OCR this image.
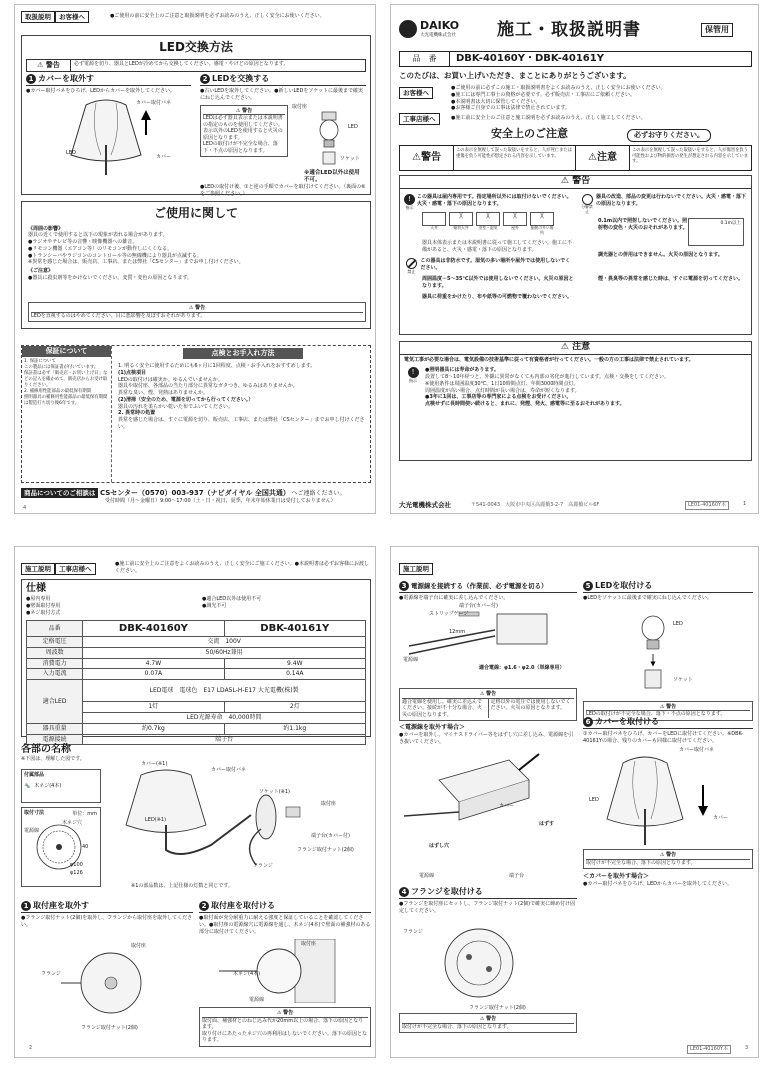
取扱説明 お客様へ	●ご使用の前に安全上のご注意と取扱説明を必ずお読みのうえ、正しく安全にお使いください。
LED交換方法
⚠ 警告	必ず電源を切り、器具とLEDが冷めてから交換してください。感電・やけどの原因となります。
1 カバーを取外す
●カバー取付バネをひろげ、LEDからカバーを取外してください。
カバー取付バネ
LED
カバー
2 LEDを交換する
●古いLEDを取外してください。●新しいLEDをソケットに最後まで確実にねじ込んでください。
⚠ 警告
LEDは必ず器具表示または本説明書の指定のものを使用してください。表示以外のLEDを使用すると火災の原因となります。
LEDの取付けが不完全な場合、落下・不点の原因となります。
取付座
LED
ソケット
※適合LED以外は使用不可。
●LEDの取付け後、①と逆の手順でカバーを取付けてください。（裏面の⑥をご参照ください。）
ご使用に関して
《周囲の影響》
器具の近くで使用すると以下の現象が表れる場合があります。
●ラジオやテレビ等の音響・映像機器への雑音。
●リモコン機器（エアコン等）のリモコンが動作しにくくなる。
●トランシーバやラジコンのコントロール等の無線機により器具が点滅する。
※異常を感じた場合は、販売店、工事店、または弊社「CSセンター」までお申し付けください。
《ご注意》
●器具に殺虫剤等をかけないでください。変質・変色の原因となります。
⚠ 警告
LEDを直視するのはやめてください。目に悪影響を及ぼすおそれがあります。
保証について
1. 保証について
この製品には保証書が付いています。
保証書は必ず「販売店・お買い上げ日」などの記入を確かめて、販売店からお受け取りください。
2. 補修用性能部品の最低保有期間
照明器具の補修用性能部品の最低保有期間は製造打ち切り後6年です。
点検とお手入れ方法
1. 明るく安全に使用するためにも6ヶ月に1回程度、点検・お手入れをおすすめします。
(1)点検項目
LEDの取付けは確実か。ゆるんでいませんか。
器具や取付座、各部品の当たり部分に異常なガタつき、ゆるみはありませんか。
異常な臭い、煙、発熱はありませんか。
(2)清掃（安全のため、電源を切ってから行ってください。）
器具の汚れを柔らかい乾いた布でふいてください。
2. 異常時の処置
異常を感じた場合は、すぐに電源を切り、販売店、工事店、または弊社「CSセンター」までお申し付けください。
商品についてのご相談は CSセンター（0570）003-937（ナビダイヤル 全国共通） へご連絡ください。
受付時間（月～金曜日）9:00～17:00（土・日・祝日、夏季、年末年始休業日は受付しておりません）
4
DAIKO
大光電機株式会社 施工・取扱説明書	保管用
品　番	DBK-40160Y・DBK-40161Y
このたびは、お買い上げいただき、まことにありがとうございます。
お客様へ
●ご使用の前に必ずこの施工・取扱説明書をよくお読みのうえ、正しく安全にお使いください。
●施工には専門工事士の資格が必要です。必ず販売店・工事店にご依頼ください。
●本説明書は大切に保管してください。
●お客様ご自身での工事は法律で禁止されています。
工事店様へ	●施工前に安全上のご注意と施工説明を必ずお読みのうえ、正しく施工してください。
安全上のご注意	必ずお守りください。
⚠警告
この表示を無視して誤った取扱いをすると、人が死亡または重傷を負う可能性が想定される内容を示しています。	⚠注意
この表示を無視して誤った取扱いをすると、人が傷害を負う可能性および物的損害の発生が想定される内容を示しています。
⚠ 警告
!
指示
この器具は屋内専用です。指定場所以外には取付けないでください。火災・感電・落下の原因となります。
天井
╳
傾斜天井
╳
浴室・湿気
╳
屋外
╳
振動の多い場所
器具本体表示または本説明書に従って施工してください。施工に不備があると、火災・感電・落下の原因となります。
禁止
この器具は非防水です。湿気の多い場所や屋外では使用しないでください。
周囲温度－5～35℃以外では使用しないでください。火災の原因となります。
器具に荷重をかけたり、布や紙等の可燃物で覆わないでください。
分解禁止
器具の改造、部品の変更は行わないでください。火災・感電・落下の原因となります。
0.1m以内で照射しないでください。照射物の変色・火災のおそれがあります。
0.1m以上
調光器との併用はできません。火災の原因となります。
煙・異臭等の異常を感じた時は、すぐに電源を切ってください。
⚠ 注意
電気工事が必要な場合は、電気設備の技術基準に従って有資格者が行ってください。一般の方の工事は法律で禁止されています。
!
指示
●照明器具には寿命があります。
設置して8～10年経つと、外観に異常がなくても内部の劣化が進行しています。点検・交換をしてください。
※使用条件は周囲温度30℃、1日10時間点灯、年間3000時間点灯。
周囲温度が高い場合、点灯時間が長い場合は、寿命が短くなります。
●3年に1回は、工事店等の専門家による点検をお受けください。
点検せずに長時間使い続けると、まれに、発煙、発火、感電等に至るおそれがあります。
大光電機株式会社	〒541-0043　大阪市中央区高麗橋3-2-7　高麗橋ビル6F	LE01-40160Y本	1
施工説明 工事店様へ
●施工前に安全上のご注意をよくお読みのうえ、正しく安全にご施工ください。●本説明書は必ずお客様にお渡しください。
仕様
●屋内専用
●壁面取付専用
●ネジ取付方式
●適合LED以外は使用不可
●調光不可
品番	DBK-40160Y	DBK-40161Y
定格電圧	交流　100V	
周波数	50/60Hz兼用	
消費電力	4.7W	9.4W
入力電流	0.07A	0.14A
適合LED	LED電球　電球色　E17 LDA5L-H-E17 大光電機(株)製	
	1灯	2灯
	LED光源寿命　40,000時間	
器具重量	約0.7kg	約1.1kg
電源接続	端子台	
各部の名称
※下図は、理解した図です。
付属部品
🔩 木ネジ(4本)
取付寸法	単位：mm
φ100
φ126
40
電源線
木ネジ穴
カバー(※1)
カバー取付バネ
LED(※1)
ソケット(※1)
取付座
端子台(カバー付)
フランジ取付ナット(2個)
フランジ
※1の部品数は、上記仕様の灯数と同じです。
1 取付座を取外す
●フランジ取付ナット(2個)を取外し、フランジから取付座を取外してください。
取付座
フランジ
フランジ取付ナット(2個)
2 取付座を取付ける
●取付面が充分耐重力に耐える強度と保証していることを確認してください。●取付座の電源線穴に電源線を通し、木ネジ(4本)で壁面の補強材のある部分に取付けてください。
取付座
木ネジ(4本)
電源線
⚠ 警告
取付面、補強材とのねじ込み代が20mm以上の場合、落下の原因となります。
取り付けにあたったネジ穴の再利用はしないでください。落下の原因となります。
2
施工説明
3 電源線を接続する（作業前、必ず電源を切る）
●電源線を端子台に確実に差し込んでください。
端子台(カバー付)
ストリップゲージ
12mm
電源線
適合電線：φ1.6・φ2.0（単線専用）
⚠ 警告
適合電線を使用し、確実に差込んでください。接続が不十分な場合、火災の原因となります。
定格以外の電圧では使用しないでください。火災の原因となります。
＜電源線を取外す場合＞
●カバーを取外し、マイナスドライバー等をはずし穴に差し込み、電源線を引き抜いてください。
カバー
はずす
はずし穴
電源線	端子台
4 フランジを取付ける
●フランジを取付座にセットし、フランジ取付ナット(2個)で確実に締め付け固定してください。
フランジ
フランジ取付ナット(2個)
⚠ 警告
取付けが不完全な場合、落下の原因となります。
5 LEDを取付ける
●LEDをソケットに最後まで確実にねじ込んでください。
LED
ソケット
⚠ 警告
LEDの取付けが不完全な場合、落下・不点の原因となります。
6 カバーを取付ける
①カバー取付バネをひろげ、カバーをLEDに取付けてください。※DBK-40161Yの場合、残りのカバーも同様に取付けてください。
カバー取付バネ
LED
カバー
⚠ 警告
取付けが不完全な場合、落下の原因となります。
＜カバーを取外す場合＞
●カバー取付バネをひろげ、LEDからカバーを取外してください。
LE01-40160Y本	3
